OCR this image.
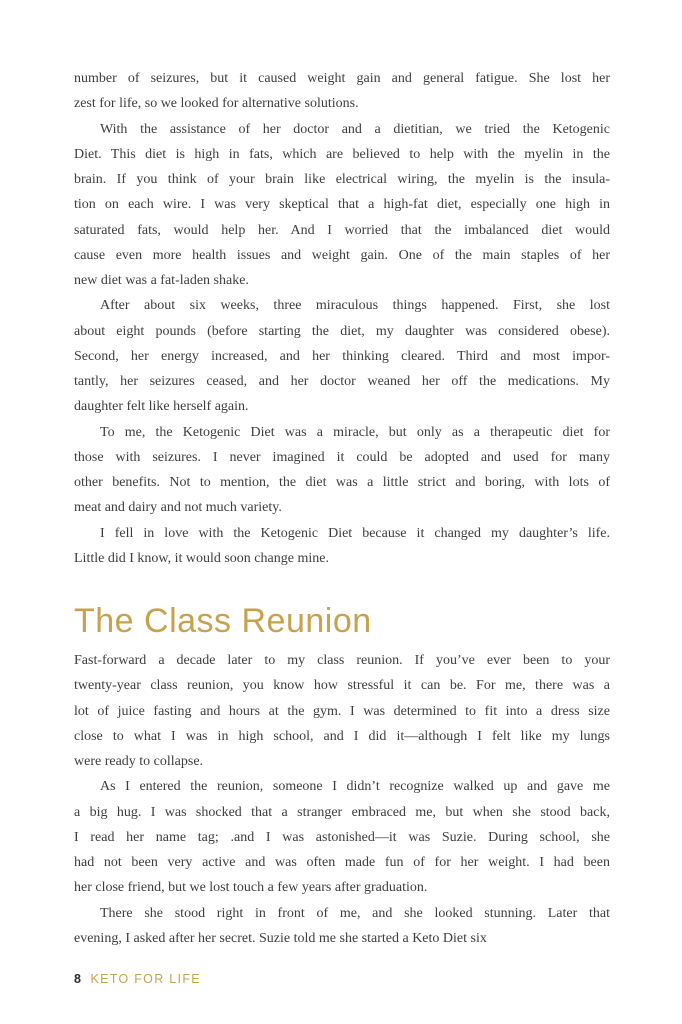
number of seizures, but it caused weight gain and general fatigue. She lost her
zest for life, so we looked for alternative solutions.
With the assistance of her doctor and a dietitian, we tried the Ketogenic
Diet. This diet is high in fats, which are believed to help with the myelin in the
brain. If you think of your brain like electrical wiring, the myelin is the insula-
tion on each wire. I was very skeptical that a high-fat diet, especially one high in
saturated fats, would help her. And I worried that the imbalanced diet would
cause even more health issues and weight gain. One of the main staples of her
new diet was a fat-laden shake.
After about six weeks, three miraculous things happened. First, she lost
about eight pounds (before starting the diet, my daughter was considered obese).
Second, her energy increased, and her thinking cleared. Third and most impor-
tantly, her seizures ceased, and her doctor weaned her off the medications. My
daughter felt like herself again.
To me, the Ketogenic Diet was a miracle, but only as a therapeutic diet for
those with seizures. I never imagined it could be adopted and used for many
other benefits. Not to mention, the diet was a little strict and boring, with lots of
meat and dairy and not much variety.
I fell in love with the Ketogenic Diet because it changed my daughter’s life.
Little did I know, it would soon change mine.
The Class Reunion
Fast-forward a decade later to my class reunion. If you’ve ever been to your
twenty-year class reunion, you know how stressful it can be. For me, there was a
lot of juice fasting and hours at the gym. I was determined to fit into a dress size
close to what I was in high school, and I did it—although I felt like my lungs
were ready to collapse.
As I entered the reunion, someone I didn’t recognize walked up and gave me
a big hug. I was shocked that a stranger embraced me, but when she stood back,
I read her name tag; .and I was astonished—it was Suzie. During school, she
had not been very active and was often made fun of for her weight. I had been
her close friend, but we lost touch a few years after graduation.
There she stood right in front of me, and she looked stunning. Later that
evening, I asked after her secret. Suzie told me she started a Keto Diet six
8 KETO FOR LIFE
